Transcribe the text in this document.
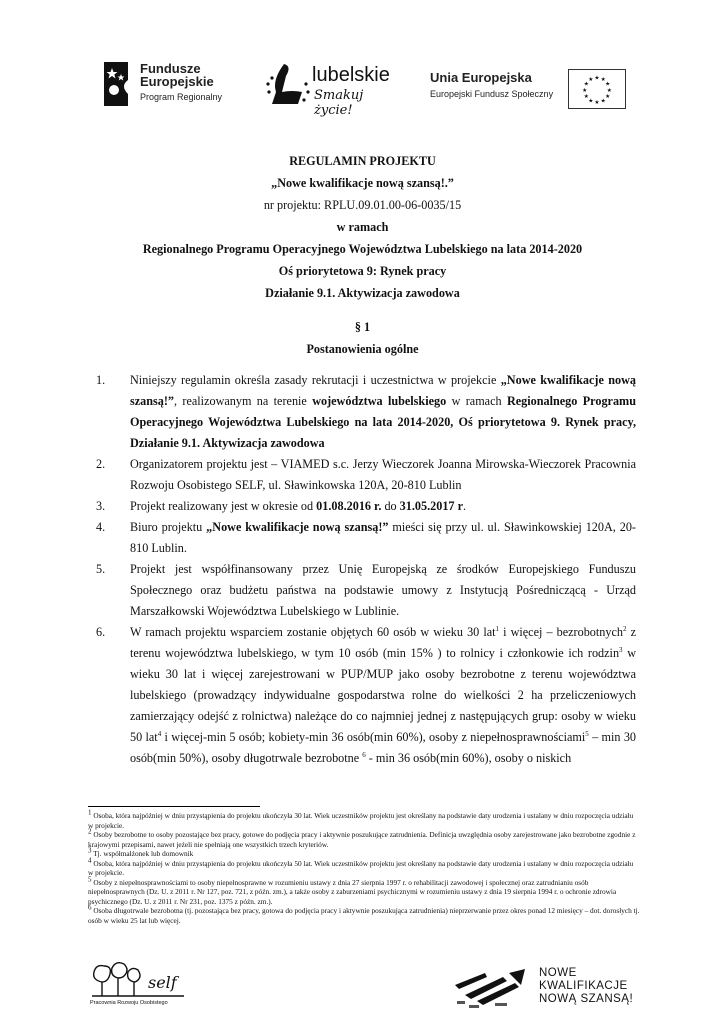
Fundusze
Europejskie
Program Regionalny
lubelskie
Smakuj życie!
Unia Europejska
Europejski Fundusz Społeczny
★ ★
★
★
★
★
★
★
★
★
★
★
REGULAMIN PROJEKTU
„Nowe kwalifikacje nową szansą!.”
nr projektu: RPLU.09.01.00-06-0035/15
w ramach
Regionalnego Programu Operacyjnego Województwa Lubelskiego na lata 2014-2020
Oś priorytetowa 9: Rynek pracy
Działanie 9.1. Aktywizacja zawodowa
§ 1
Postanowienia ogólne
1. Niniejszy regulamin określa zasady rekrutacji i uczestnictwa w projekcie „Nowe kwalifikacje nową szansą!”, realizowanym na terenie województwa lubelskiego w ramach Regionalnego Programu Operacyjnego Województwa Lubelskiego na lata 2014-2020, Oś priorytetowa 9. Rynek pracy, Działanie 9.1. Aktywizacja zawodowa
2. Organizatorem projektu jest – VIAMED s.c. Jerzy Wieczorek Joanna Mirowska-Wieczorek Pracownia Rozwoju Osobistego SELF, ul. Sławinkowska 120A, 20-810 Lublin
3. Projekt realizowany jest w okresie od 01.08.2016 r. do 31.05.2017 r.
4. Biuro projektu „Nowe kwalifikacje nową szansą!” mieści się przy ul. ul. Sławinkowskiej 120A, 20-810 Lublin.
5. Projekt jest współfinansowany przez Unię Europejską ze środków Europejskiego Funduszu Społecznego oraz budżetu państwa na podstawie umowy z Instytucją Pośredniczącą - Urząd Marszałkowski Województwa Lubelskiego w Lublinie.
6. W ramach projektu wsparciem zostanie objętych 60 osób w wieku 30 lat$^1$ i więcej – bezrobotnych$^2$ z terenu województwa lubelskiego, w tym 10 osób (min 15% ) to rolnicy i członkowie ich rodzin$^3$ w wieku 30 lat i więcej zarejestrowani w PUP/MUP jako osoby bezrobotne z terenu województwa lubelskiego (prowadzący indywidualne gospodarstwa rolne do wielkości 2 ha przeliczeniowych zamierzający odejść z rolnictwa) należące do co najmniej jednej z następujących grup: osoby w wieku 50 lat$^4$ i więcej-min 5 osób; kobiety-min 36 osób(min 60%), osoby z niepełnosprawnościami$^5$ – min 30 osób(min 50%), osoby długotrwale bezrobotne $^6$ - min 36 osób(min 60%), osoby o niskich
$^1$ Osoba, która najpóźniej w dniu przystąpienia do projektu ukończyła 30 lat. Wiek uczestników projektu jest określany na podstawie daty urodzenia i ustalany w dniu rozpoczęcia udziału w projekcie.
$^2$ Osoby bezrobotne to osoby pozostające bez pracy, gotowe do podjęcia pracy i aktywnie poszukujące zatrudnienia. Definicja uwzględnia osoby zarejestrowane jako bezrobotne zgodnie z krajowymi przepisami, nawet jeżeli nie spełniają one wszystkich trzech kryteriów.
$^3$ Tj. współmałżonek lub domownik
$^4$ Osoba, która najpóźniej w dniu przystąpienia do projektu ukończyła 50 lat. Wiek uczestników projektu jest określany na podstawie daty urodzenia i ustalany w dniu rozpoczęcia udziału w projekcie.
$^5$ Osoby z niepełnosprawnościami to osoby niepełnosprawne w rozumieniu ustawy z dnia 27 sierpnia 1997 r. o rehabilitacji zawodowej i społecznej oraz zatrudnianiu osób niepełnosprawnych (Dz. U. z 2011 r. Nr 127, poz. 721, z późn. zm.), a także osoby z zaburzeniami psychicznymi w rozumieniu ustawy z dnia 19 sierpnia 1994 r. o ochronie zdrowia psychicznego (Dz. U. z 2011 r. Nr 231, poz. 1375 z późn. zm.).
$^6$ Osoba długotrwale bezrobotna (tj. pozostająca bez pracy, gotowa do podjęcia pracy i aktywnie poszukująca zatrudnienia) nieprzerwanie przez okres ponad 12 miesięcy – dot. dorosłych tj. osób w wieku 25 lat lub więcej.
self
Pracownia Rozwoju Osobistego
NOWE
KWALIFIKACJE
NOWĄ SZANSĄ!
